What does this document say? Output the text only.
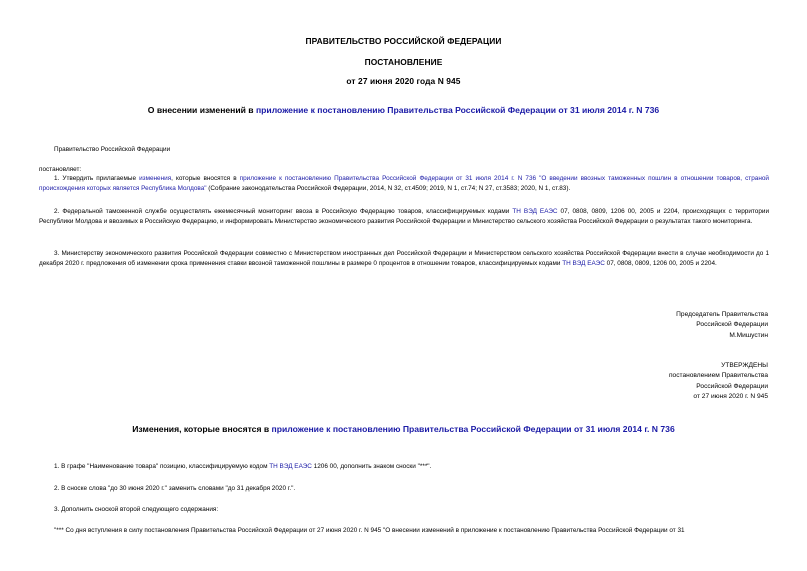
ПРАВИТЕЛЬСТВО РОССИЙСКОЙ ФЕДЕРАЦИИ
ПОСТАНОВЛЕНИЕ
от 27 июня 2020 года N 945
О внесении изменений в приложение к постановлению Правительства Российской Федерации от 31 июля 2014 г. N 736
Правительство Российской Федерации
постановляет:
1. Утвердить прилагаемые изменения, которые вносятся в приложение к постановлению Правительства Российской Федерации от 31 июля 2014 г. N 736 "О введении ввозных таможенных пошлин в отношении товаров, страной происхождения которых является Республика Молдова" (Собрание законодательства Российской Федерации, 2014, N 32, ст.4509; 2019, N 1, ст.74; N 27, ст.3583; 2020, N 1, ст.83).
2. Федеральной таможенной службе осуществлять ежемесячный мониторинг ввоза в Российскую Федерацию товаров, классифицируемых кодами ТН ВЭД ЕАЭС 07, 0808, 0809, 1206 00, 2005 и 2204, происходящих с территории Республики Молдова и ввозимых в Российскую Федерацию, и информировать Министерство экономического развития Российской Федерации и Министерство сельского хозяйства Российской Федерации о результатах такого мониторинга.
3. Министерству экономического развития Российской Федерации совместно с Министерством иностранных дел Российской Федерации и Министерством сельского хозяйства Российской Федерации внести в случае необходимости до 1 декабря 2020 г. предложения об изменении срока применения ставки ввозной таможенной пошлины в размере 0 процентов в отношении товаров, классифицируемых кодами ТН ВЭД ЕАЭС 07, 0808, 0809, 1206 00, 2005 и 2204.
Председатель Правительства
Российской Федерации
М.Мишустин
УТВЕРЖДЕНЫ
постановлением Правительства
Российской Федерации
от 27 июня 2020 г. N 945
Изменения, которые вносятся в приложение к постановлению Правительства Российской Федерации от 31 июля 2014 г. N 736
1. В графе "Наименование товара" позицию, классифицируемую кодом ТН ВЭД ЕАЭС 1206 00, дополнить знаком сноски "***".
2. В сноске слова "до 30 июня 2020 г." заменить словами "до 31 декабря 2020 г.".
3. Дополнить сноской второй следующего содержания:
"*** Со дня вступления в силу постановления Правительства Российской Федерации от 27 июня 2020 г. N 945 "О внесении изменений в приложение к постановлению Правительства Российской Федерации от 31
